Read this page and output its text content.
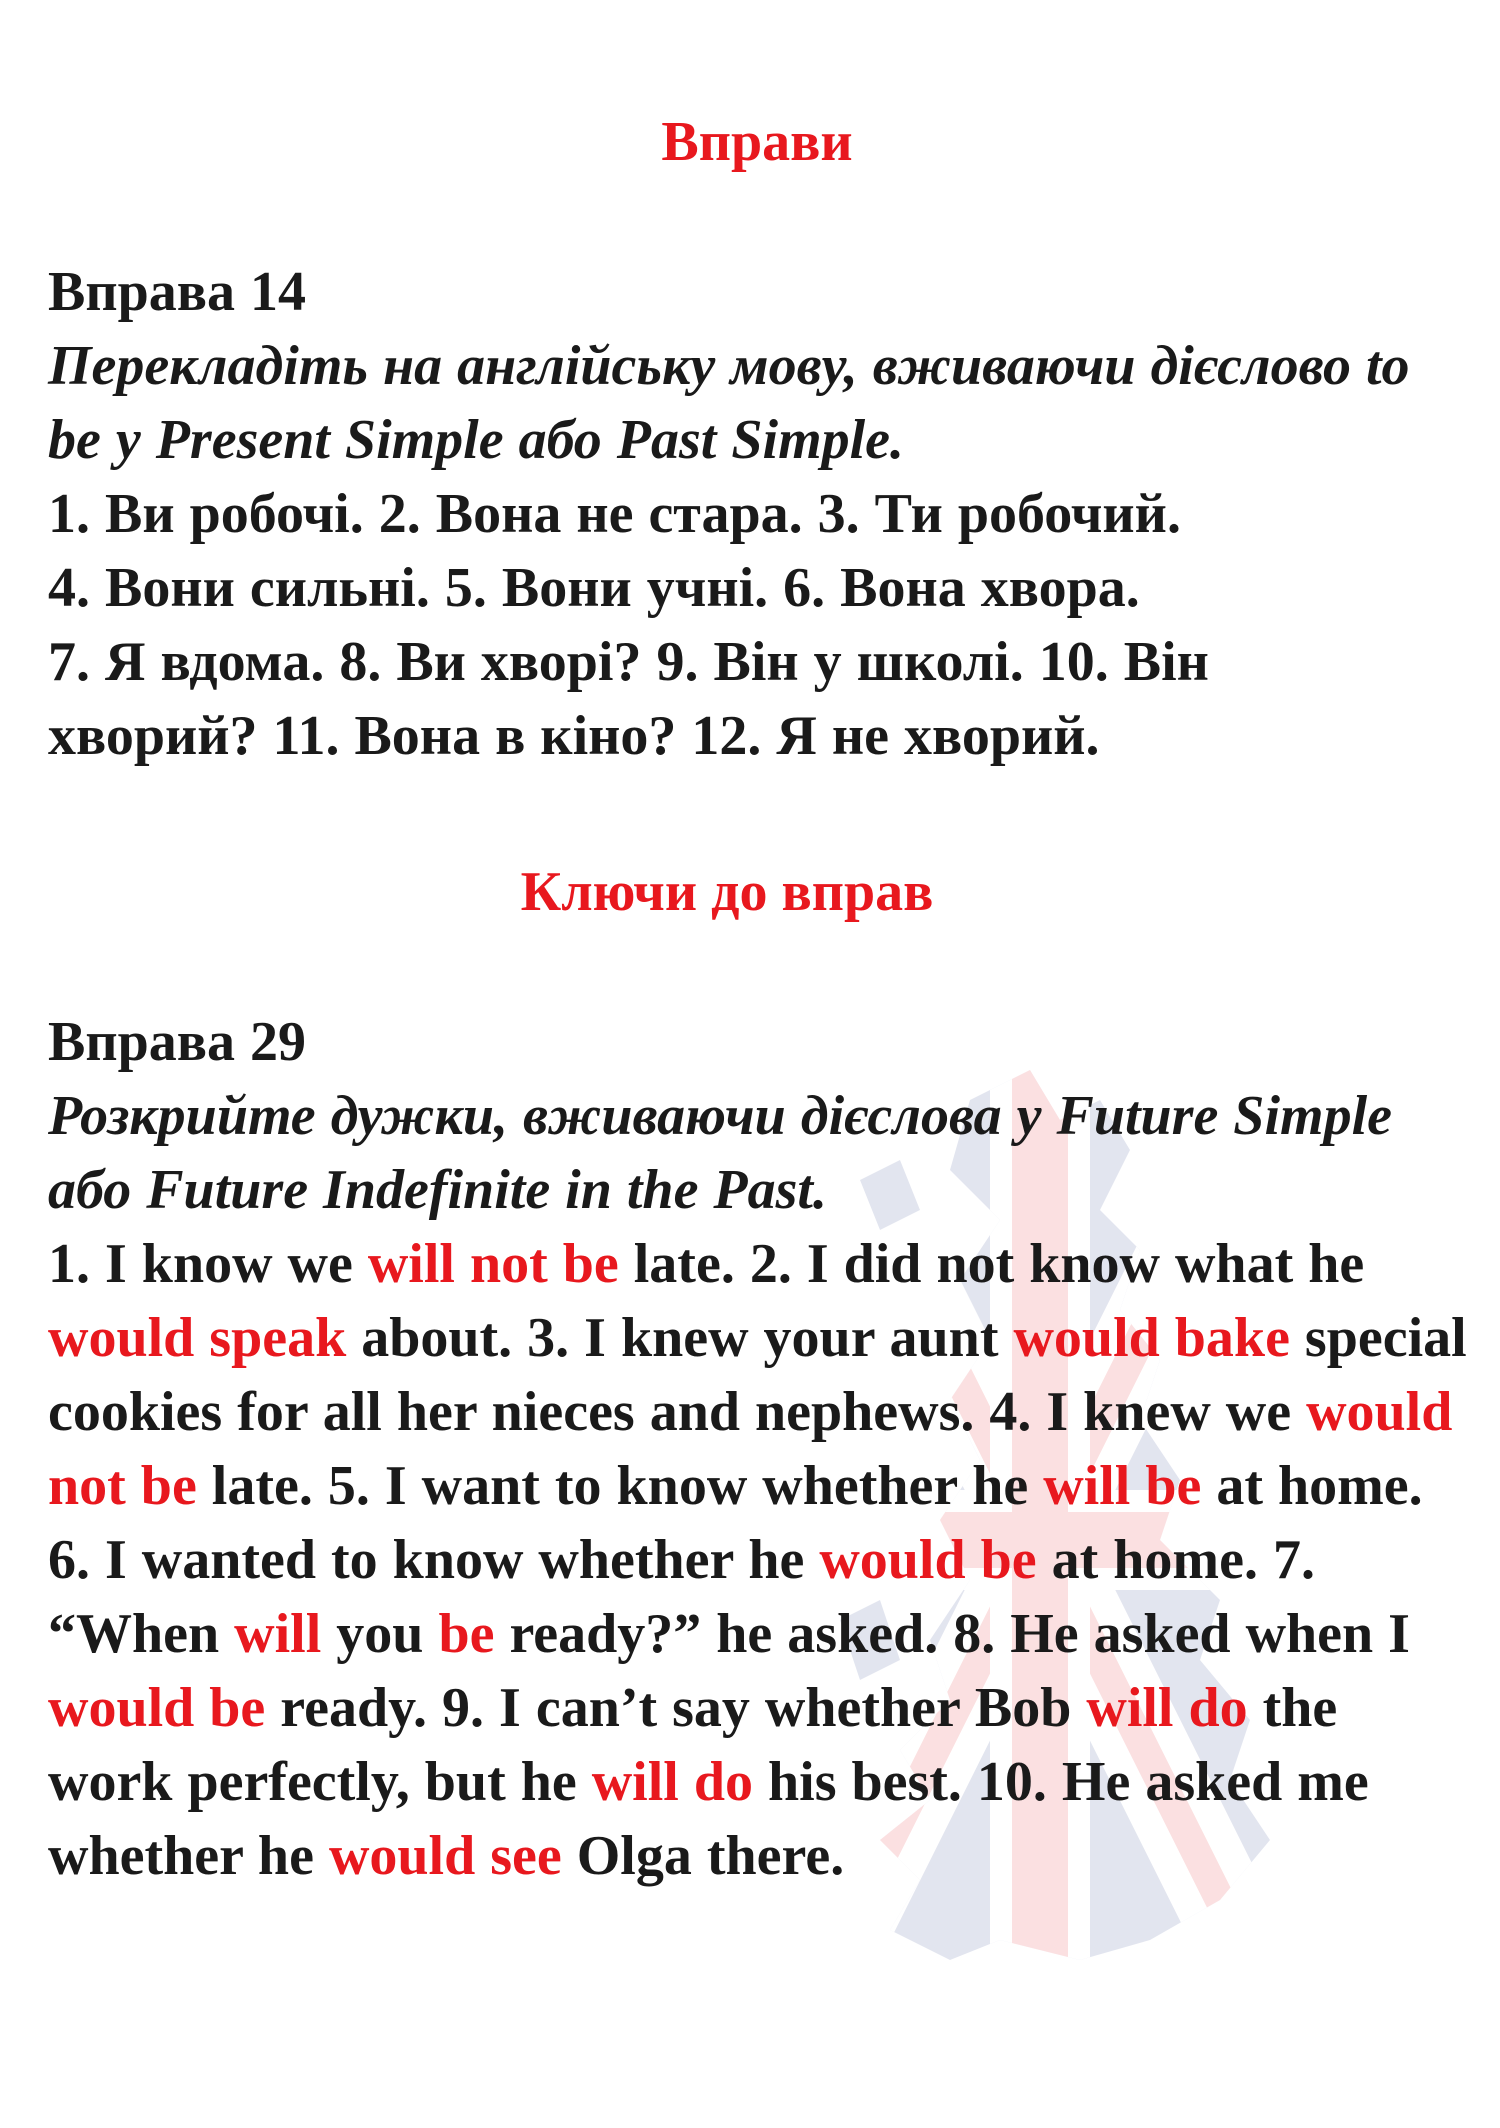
Вправи

Вправа 14

Перекладіть на англійську мову, вживаючи дієслово to be у Present Simple або Past Simple.

1. Ви робочі. 2. Вона не стара. 3. Ти робочий.

4. Вони сильні. 5. Вони учні. 6. Вона хвора.

7. Я вдома. 8. Ви хворі? 9. Він у школі. 10. Він

хворий? 11. Вона в кіно? 12. Я не хворий.

Ключи до вправ

Вправа 29

Розкрийте дужки, вживаючи дієслова у Future Simple або Future Indefinite in the Past.

1. I know we will not be late. 2. I did not know what he would speak about. 3. I knew your aunt would bake special cookies for all her nieces and nephews. 4. I knew we would not be late. 5. I want to know whether he will be at home. 6. I wanted to know whether he would be at home. 7. “When will you be ready?” he asked. 8. He asked when I would be ready. 9. I can’t say whether Bob will do the work perfectly, but he will do his best. 10. He asked me whether he would see Olga there.
